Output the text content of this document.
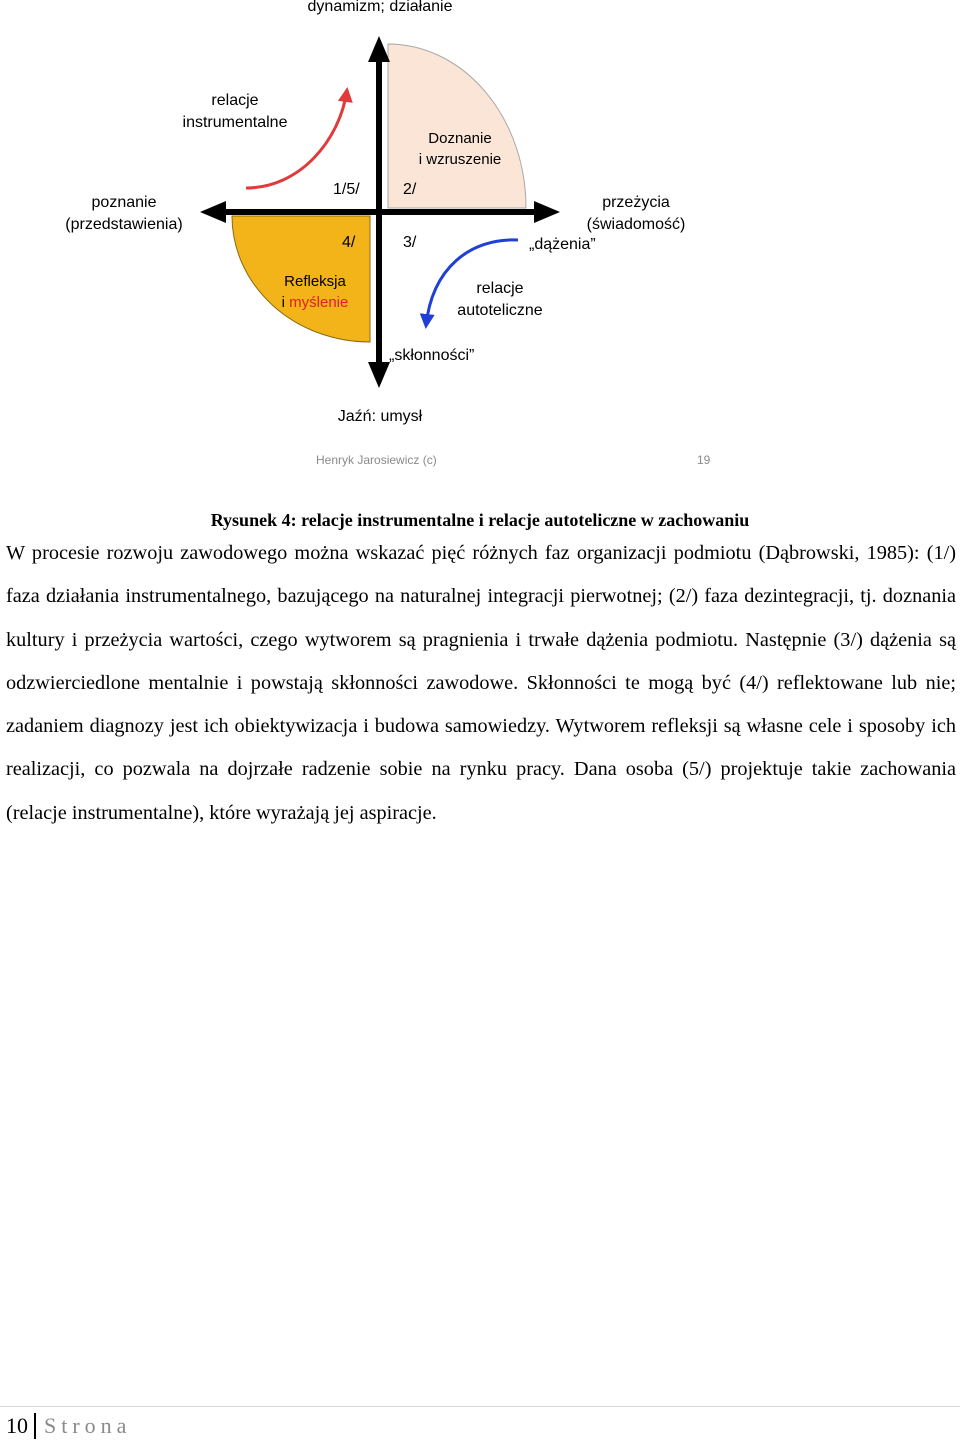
dynamizm; działanie
poznanie
(przedstawienia)
przeżycia
(świadomość)
Jaźń: umysł
relacje
instrumentalne
relacje
autoteliczne
Doznanie
i wzruszenie
Refleksja
i myślenie
1/5/	2/
4/	3/	„dążenia”
„skłonności”
Henryk Jarosiewicz (c)	19
Rysunek 4: relacje instrumentalne i relacje autoteliczne w zachowaniu

W procesie rozwoju zawodowego można wskazać pięć różnych faz organizacji podmiotu (Dąbrowski, 1985): (1/) faza działania instrumentalnego, bazującego na naturalnej integracji pierwotnej; (2/) faza dezintegracji, tj. doznania kultury i przeżycia wartości, czego wytworem są pragnienia i trwałe dążenia podmiotu. Następnie (3/) dążenia są odzwierciedlone mentalnie i powstają skłonności zawodowe. Skłonności te mogą być (4/) reflektowane lub nie; zadaniem diagnozy jest ich obiektywizacja i budowa samowiedzy. Wytworem refleksji są własne cele i sposoby ich realizacji, co pozwala na dojrzałe radzenie sobie na rynku pracy. Dana osoba (5/) projektuje takie zachowania (relacje instrumentalne), które wyrażają jej aspiracje.

10 Strona
